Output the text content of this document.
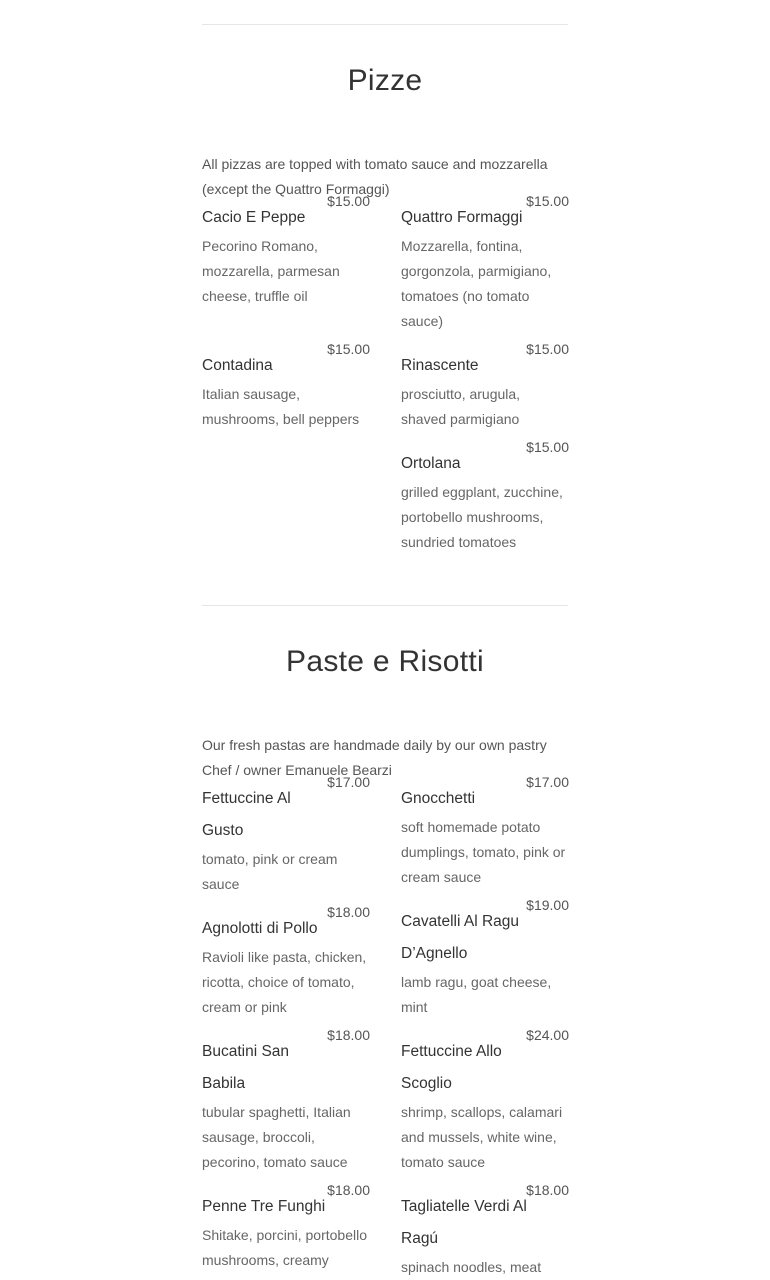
Pizze

All pizzas are topped with tomato sauce and mozzarella (except the Quattro Formaggi)

Cacio E Peppe
$15.00
Pecorino Romano, mozzarella, parmesan cheese, truffle oil
Quattro Formaggi
$15.00
Mozzarella, fontina, gorgonzola, parmigiano, tomatoes (no tomato sauce)
Contadina
$15.00
Italian sausage, mushrooms, bell peppers
Rinascente
$15.00
prosciutto, arugula, shaved parmigiano
Ortolana
$15.00
grilled eggplant, zucchine, portobello mushrooms, sundried tomatoes
Paste e Risotti

Our fresh pastas are handmade daily by our own pastry Chef / owner Emanuele Bearzi

Fettuccine Al Gusto
$17.00
tomato, pink or cream sauce
Gnocchetti
$17.00
soft homemade potato dumplings, tomato, pink or cream sauce
Agnolotti di Pollo
$18.00
Ravioli like pasta, chicken, ricotta, choice of tomato, cream or pink
Cavatelli Al Ragu D’Agnello
$19.00
lamb ragu, goat cheese, mint
Bucatini San Babila
$18.00
tubular spaghetti, Italian sausage, broccoli, pecorino, tomato sauce
Fettuccine Allo Scoglio
$24.00
shrimp, scallops, calamari and mussels, white wine, tomato sauce
Penne Tre Funghi
$18.00
Shitake, porcini, portobello mushrooms, creamy
Tagliatelle Verdi Al Ragú
$18.00
spinach noodles, meat
